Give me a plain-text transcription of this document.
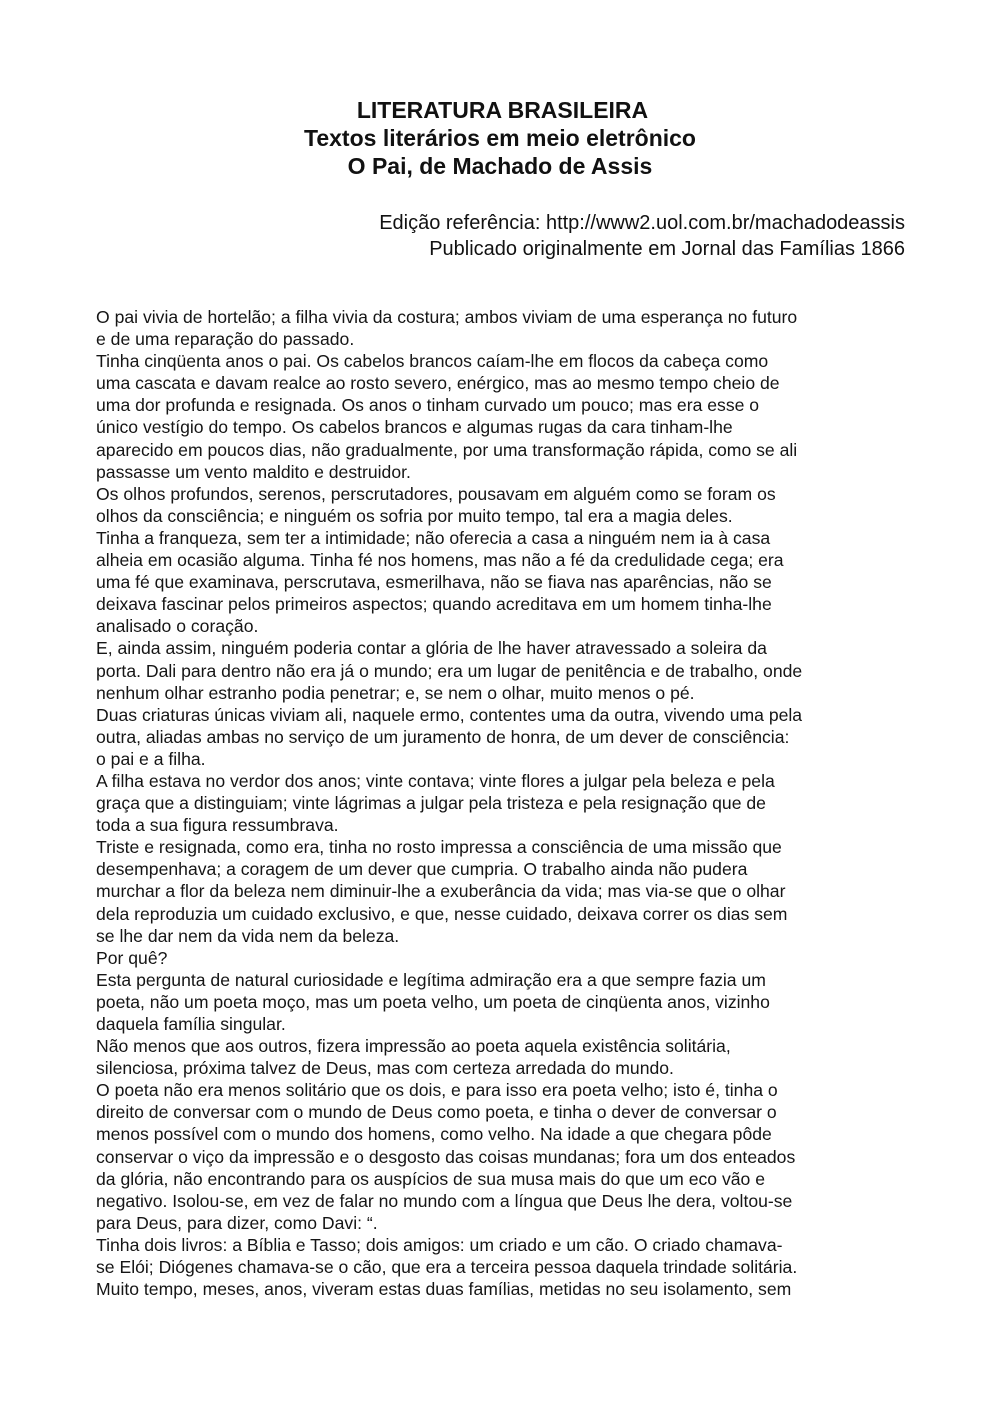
LITERATURA BRASILEIRA
Textos literários em meio eletrônico
O Pai, de Machado de Assis
Edição referência: http://www2.uol.com.br/machadodeassis
Publicado originalmente em Jornal das Famílias 1866
O pai vivia de hortelão; a filha vivia da costura; ambos viviam de uma esperança no futuro
e de uma reparação do passado.
Tinha cinqüenta anos o pai. Os cabelos brancos caíam-lhe em flocos da cabeça como
uma cascata e davam realce ao rosto severo, enérgico, mas ao mesmo tempo cheio de
uma dor profunda e resignada. Os anos o tinham curvado um pouco; mas era esse o
único vestígio do tempo. Os cabelos brancos e algumas rugas da cara tinham-lhe
aparecido em poucos dias, não gradualmente, por uma transformação rápida, como se ali
passasse um vento maldito e destruidor.
Os olhos profundos, serenos, perscrutadores, pousavam em alguém como se foram os
olhos da consciência; e ninguém os sofria por muito tempo, tal era a magia deles.
Tinha a franqueza, sem ter a intimidade; não oferecia a casa a ninguém nem ia à casa
alheia em ocasião alguma. Tinha fé nos homens, mas não a fé da credulidade cega; era
uma fé que examinava, perscrutava, esmerilhava, não se fiava nas aparências, não se
deixava fascinar pelos primeiros aspectos; quando acreditava em um homem tinha-lhe
analisado o coração.
E, ainda assim, ninguém poderia contar a glória de lhe haver atravessado a soleira da
porta. Dali para dentro não era já o mundo; era um lugar de penitência e de trabalho, onde
nenhum olhar estranho podia penetrar; e, se nem o olhar, muito menos o pé.
Duas criaturas únicas viviam ali, naquele ermo, contentes uma da outra, vivendo uma pela
outra, aliadas ambas no serviço de um juramento de honra, de um dever de consciência:
o pai e a filha.
A filha estava no verdor dos anos; vinte contava; vinte flores a julgar pela beleza e pela
graça que a distinguiam; vinte lágrimas a julgar pela tristeza e pela resignação que de
toda a sua figura ressumbrava.
Triste e resignada, como era, tinha no rosto impressa a consciência de uma missão que
desempenhava; a coragem de um dever que cumpria. O trabalho ainda não pudera
murchar a flor da beleza nem diminuir-lhe a exuberância da vida; mas via-se que o olhar
dela reproduzia um cuidado exclusivo, e que, nesse cuidado, deixava correr os dias sem
se lhe dar nem da vida nem da beleza.
Por quê?
Esta pergunta de natural curiosidade e legítima admiração era a que sempre fazia um
poeta, não um poeta moço, mas um poeta velho, um poeta de cinqüenta anos, vizinho
daquela família singular.
Não menos que aos outros, fizera impressão ao poeta aquela existência solitária,
silenciosa, próxima talvez de Deus, mas com certeza arredada do mundo.
O poeta não era menos solitário que os dois, e para isso era poeta velho; isto é, tinha o
direito de conversar com o mundo de Deus como poeta, e tinha o dever de conversar o
menos possível com o mundo dos homens, como velho. Na idade a que chegara pôde
conservar o viço da impressão e o desgosto das coisas mundanas; fora um dos enteados
da glória, não encontrando para os auspícios de sua musa mais do que um eco vão e
negativo. Isolou-se, em vez de falar no mundo com a língua que Deus lhe dera, voltou-se
para Deus, para dizer, como Davi: “.
Tinha dois livros: a Bíblia e Tasso; dois amigos: um criado e um cão. O criado chamava-
se Elói; Diógenes chamava-se o cão, que era a terceira pessoa daquela trindade solitária.
Muito tempo, meses, anos, viveram estas duas famílias, metidas no seu isolamento, sem
